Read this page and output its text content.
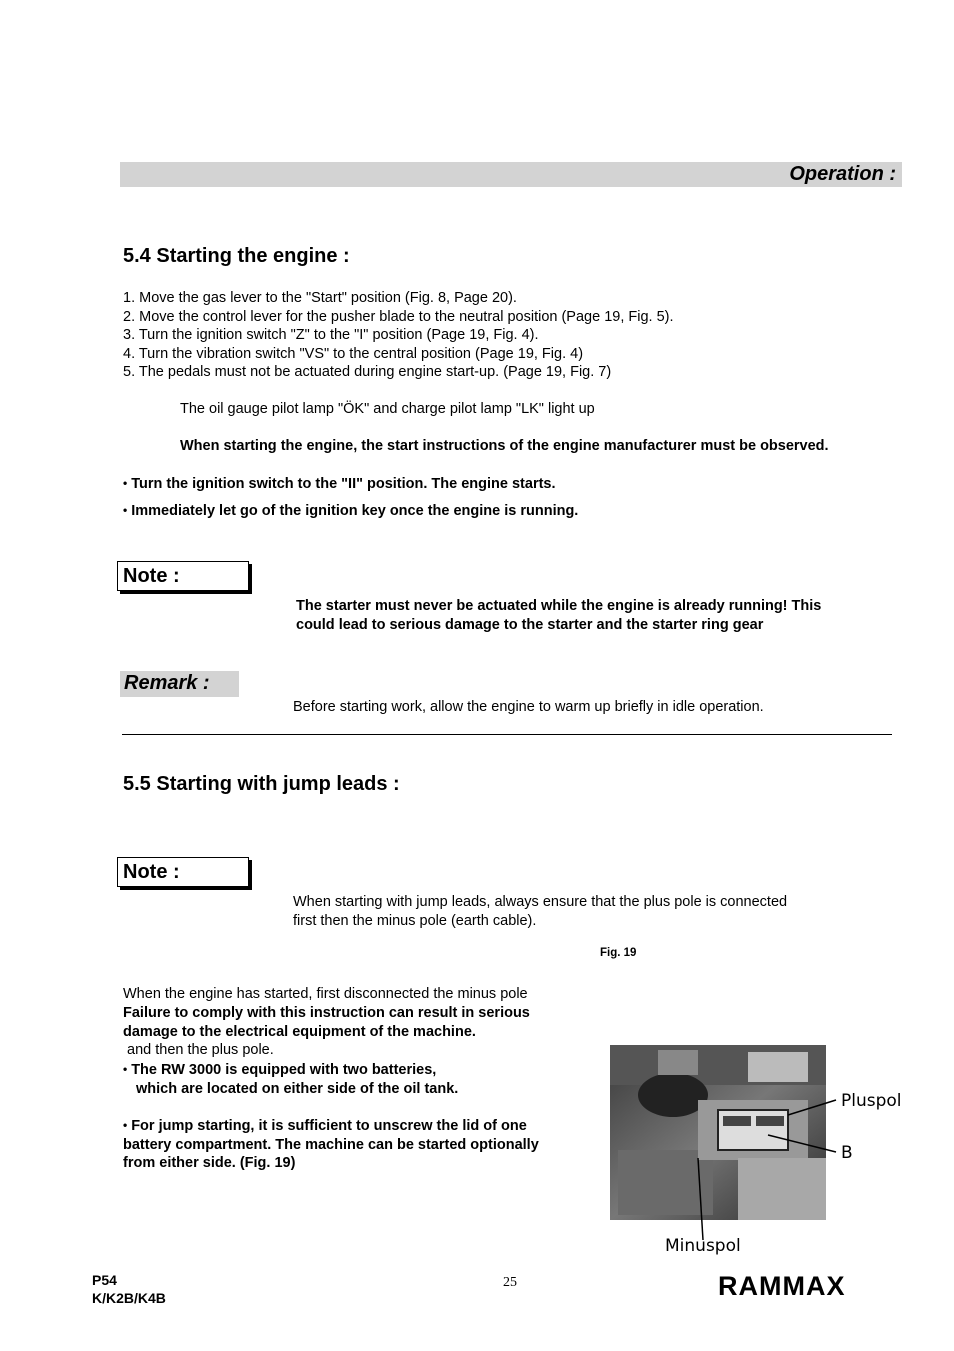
Operation :
5.4 Starting the engine :
1. Move the gas lever to the "Start" position (Fig. 8, Page 20).
2. Move the control lever for the pusher blade to the neutral position (Page 19, Fig. 5).
3. Turn the ignition switch "Z" to the "I" position (Page 19, Fig. 4).
4. Turn the vibration switch "VS" to the central position (Page 19, Fig. 4)
5. The pedals must not be actuated during engine start-up. (Page 19, Fig. 7)
The oil gauge pilot lamp "ÖK" and charge pilot lamp "LK" light up
When starting the engine, the start instructions of the engine manufacturer must be observed.
• Turn the ignition switch to the "II" position. The engine starts.
• Immediately let go of the ignition key once the engine is running.
Note :
The starter must never be actuated while the engine is already running! This
could lead to serious damage to the starter and the starter ring gear
Remark :
Before starting work, allow the engine to warm up briefly in idle operation.
5.5 Starting with jump leads :
Note :
When starting with jump leads, always ensure that the plus pole is connected
first then the minus pole (earth cable).

When the engine has started, first disconnected the minus pole

and then the plus pole.

Fig. 19
Failure to comply with this instruction can result in serious
damage to the electrical equipment of the machine.
• The RW 3000 is equipped with two batteries,
which are located on either side of the oil tank.
• For jump starting, it is sufficient to unscrew the lid of one
battery compartment. The machine can be started optionally
from either side. (Fig. 19)
Pluspol
B
Minuspol
P54
K/K2B/K4B
25	RAMMAX
